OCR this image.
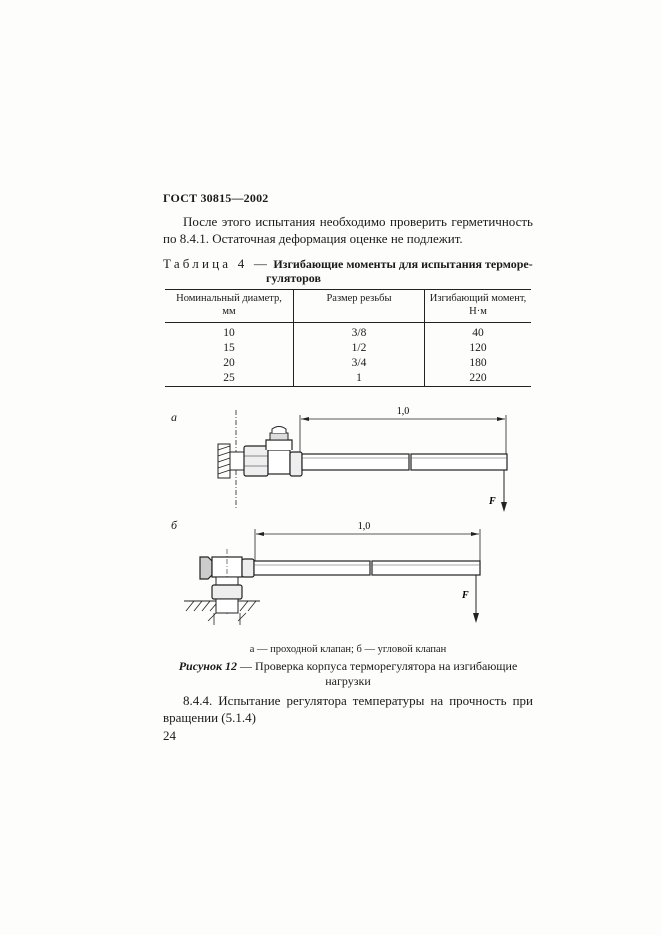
ГОСТ 30815—2002
После этого испытания необходимо проверить герметичность по 8.4.1. Остаточная деформация оценке не подлежит.
Таблица 4 — Изгибающие моменты для испытания терморе-
гуляторов
Номинальный диаметр, мм	Размер резьбы	Изгибающий момент, Н·м
10	3/8	40
15	1/2	120
20	3/4	180
25	1	220
а	1,0
F
б	1,0
F
а — проходной клапан; б — угловой клапан
Рисунок 12 — Проверка корпуса терморегулятора на изгибающие нагрузки
8.4.4. Испытание регулятора температуры на прочность при вращении (5.1.4)
24
